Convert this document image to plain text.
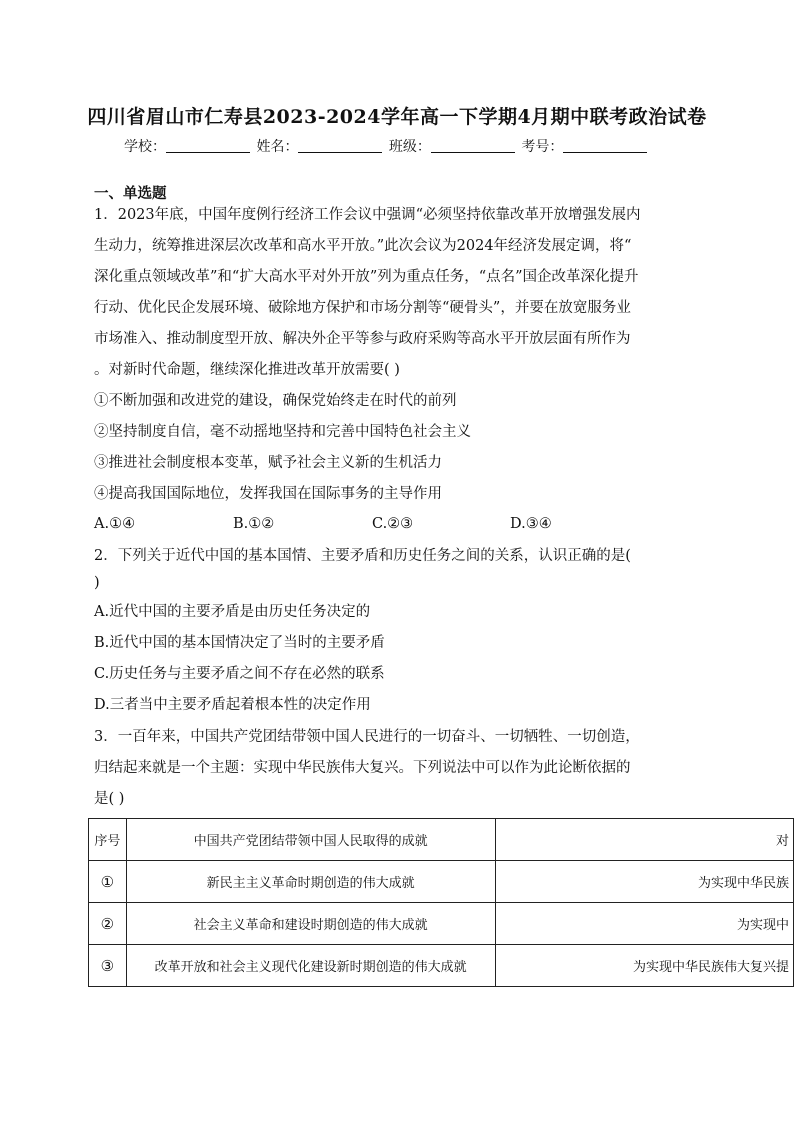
四川省眉山市仁寿县2023-2024学年高一下学期4月期中联考政治试卷
学校：	姓名：	班级：	考号：
一、单选题
1．2023年底，中国年度例行经济工作会议中强调“必须坚持依靠改革开放增强发展内
生动力，统筹推进深层次改革和高水平开放。”此次会议为2024年经济发展定调，将“
深化重点领域改革”和“扩大高水平对外开放”列为重点任务，“点名”国企改革深化提升
行动、优化民企发展环境、破除地方保护和市场分割等“硬骨头”，并要在放宽服务业
市场准入、推动制度型开放、解决外企平等参与政府采购等高水平开放层面有所作为
。对新时代命题，继续深化推进改革开放需要( )
①不断加强和改进党的建设，确保党始终走在时代的前列
②坚持制度自信，毫不动摇地坚持和完善中国特色社会主义
③推进社会制度根本变革，赋予社会主义新的生机活力
④提高我国国际地位，发挥我国在国际事务的主导作用
A.①④	B.①②	C.②③	D.③④
2．下列关于近代中国的基本国情、主要矛盾和历史任务之间的关系，认识正确的是(
)
A.近代中国的主要矛盾是由历史任务决定的
B.近代中国的基本国情决定了当时的主要矛盾
C.历史任务与主要矛盾之间不存在必然的联系
D.三者当中主要矛盾起着根本性的决定作用
3．一百年来，中国共产党团结带领中国人民进行的一切奋斗、一切牺牲、一切创造，
归结起来就是一个主题：实现中华民族伟大复兴。下列说法中可以作为此论断依据的
是( )
序号	中国共产党团结带领中国人民取得的成就	对
①	新民主主义革命时期创造的伟大成就	为实现中华民族
②	社会主义革命和建设时期创造的伟大成就	为实现中
③	改革开放和社会主义现代化建设新时期创造的伟大成就	为实现中华民族伟大复兴提
